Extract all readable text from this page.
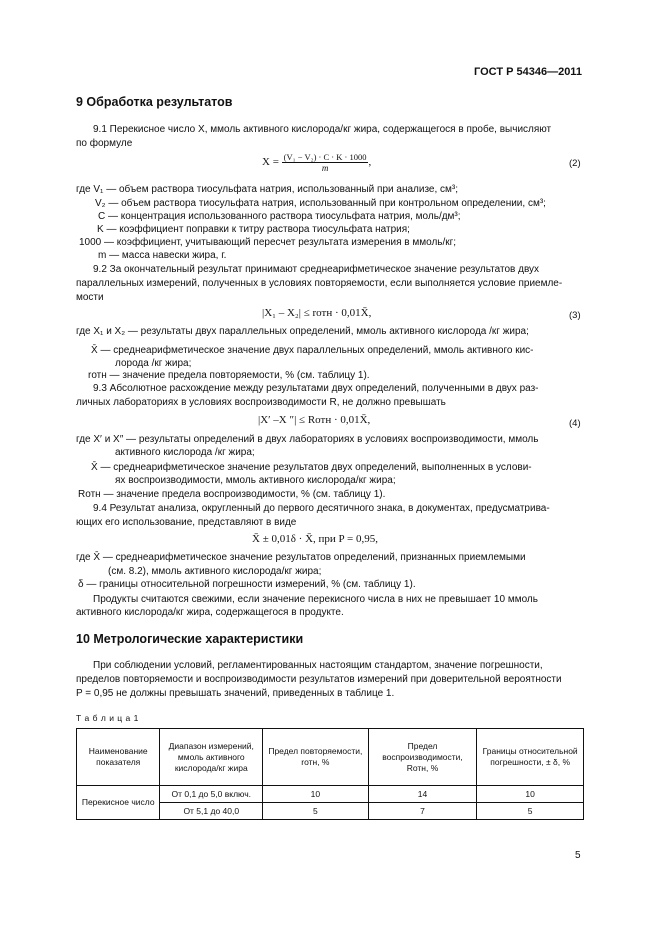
ГОСТ Р 54346—2011
9 Обработка результатов
9.1 Перекисное число X, ммоль активного кислорода/кг жира, содержащегося в пробе, вычисляют
по формуле
$X = \frac{\text{(V₁ − V₂) · C · K · 1000}}{m}$ ,	(2)
где V₁ — объем раствора тиосульфата натрия, использованный при анализе, см³;
V₂ — объем раствора тиосульфата натрия, использованный при контрольном определении, см³;
C — концентрация использованного раствора тиосульфата натрия, моль/дм³;
K — коэффициент поправки к титру раствора тиосульфата натрия;
1000 — коэффициент, учитывающий пересчет результата измерения в ммоль/кг;
m — масса навески жира, г.
9.2 За окончательный результат принимают среднеарифметическое значение результатов двух
параллельных измерений, полученных в условиях повторяемости, если выполняется условие приемле-
мости
|X₁ – X₂| ≤ rотн · 0,01X̄,	(3)
где X₁ и X₂ — результаты двух параллельных определений, ммоль активного кислорода /кг жира;
X̄ — среднеарифметическое значение двух параллельных определений, ммоль активного кис-
лорода /кг жира;
rотн — значение предела повторяемости, % (см. таблицу 1).
9.3 Абсолютное расхождение между результатами двух определений, полученными в двух раз-
личных лабораториях в условиях воспроизводимости R, не должно превышать
|X′ –X ″| ≤ Rотн · 0,01X̄,	(4)
где X′ и X″ — результаты определений в двух лабораториях в условиях воспроизводимости, ммоль
активного кислорода /кг жира;
X̄ — среднеарифметическое значение результатов двух определений, выполненных в услови-
ях воспроизводимости, ммоль активного кислорода/кг жира;
Rотн — значение предела воспроизводимости, % (см. таблицу 1).
9.4 Результат анализа, округленный до первого десятичного знака, в документах, предусматрива-
ющих его использование, представляют в виде
X̄ ± 0,01δ · X̄, при P = 0,95,
где X̄ — среднеарифметическое значение результатов определений, признанных приемлемыми
(см. 8.2), ммоль активного кислорода/кг жира;
δ — границы относительной погрешности измерений, % (см. таблицу 1).
Продукты считаются свежими, если значение перекисного числа в них не превышает 10 ммоль
активного кислорода/кг жира, содержащегося в продукте.
10 Метрологические характеристики
При соблюдении условий, регламентированных настоящим стандартом, значение погрешности,
пределов повторяемости и воспроизводимости результатов измерений при доверительной вероятности
P = 0,95 не должны превышать значений, приведенных в таблице 1.
Т а б л и ц а 1
Наименование показателя	Диапазон измерений, ммоль активного кислорода/кг жира	Предел повторяемости, rотн, %	Предел воспроизводимости, Rотн, %	Границы относительной погрешности, ± δ, %
Перекисное число	От 0,1 до 5,0 включ.	10	14	10
	От 5,1 до 40,0	5	7	5
5
